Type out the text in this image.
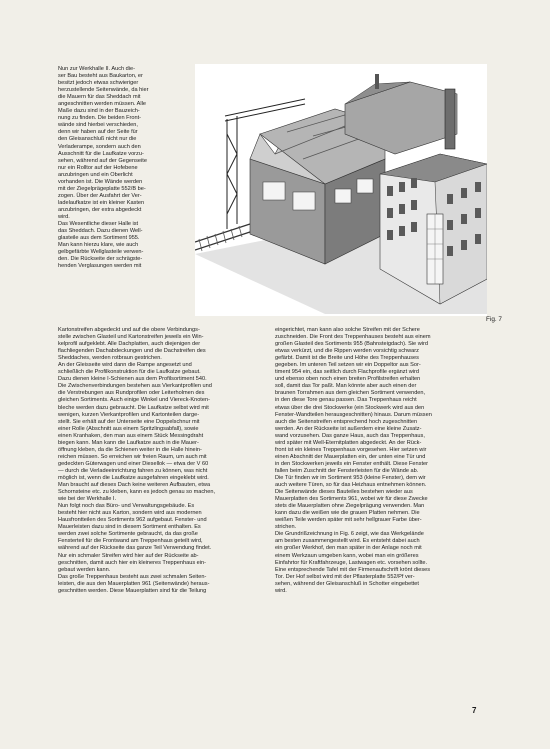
Nun zur Werkhalle II. Auch die-
ser Bau besteht aus Baukarton, er
besitzt jedoch etwas schwieriger
herzustellende Seitenwände, da hier
die Mauern für das Sheddach mit
angeschnitten werden müssen. Alle
Maße dazu sind in der Bauzeich-
nung zu finden. Die beiden Front-
wände sind hierbei verschieden,
denn wir haben auf der Seite für
den Gleisanschluß nicht nur die
Verladerampe, sondern auch den
Ausschnitt für die Laufkatze vorzu-
sehen, während auf der Gegenseite
nur ein Rolltor auf der Hofebene
anzubringen und ein Oberlicht
vorhanden ist. Die Wände werden
mit der Ziegelprägeplatte 552/B be-
zogen. Über der Ausfahrt der Ver-
ladelaufkatze ist ein kleiner Kasten
anzubringen, der extra abgedeckt
wird.
Das Wesentliche dieser Halle ist
das Sheddach. Dazu dienen Well-
glasteile aus dem Sortiment 955.
Man kann hierzu klare, wie auch
gelbgefärbte Wellglasteile verwen-
den. Die Rückseite der schrägste-
henden Verglasungen werden mit
Fig. 7
Kartonstreifen abgedeckt und auf die obere Verbindungs-
stelle zwischen Glasteil und Kartonstreifen jeweils ein Win-
kelprofil aufgeklebt. Alle Dachplatten, auch diejenigen der
flachliegenden Dachabdeckungen und die Dachstreifen des
Sheddaches, werden rotbraun gestrichen.
An der Gleisseite wird dann die Rampe angesetzt und
schließlich die Profilkonstruktion für die Laufkatze gebaut.
Dazu dienen kleine I-Schienen aus dem Profilsortiment 540.
Die Zwischenverbindungen bestehen aus Vierkantprofilen und
die Verstrebungen aus Rundprofilen oder Leiterholmen des
gleichen Sortiments. Auch einige Winkel und Viereck-Knoten-
bleche werden dazu gebraucht. Die Laufkatze selbst wird mit
wenigen, kurzen Vierkantprofilen und Kartonteilen darge-
stellt. Sie erhält auf der Unterseite eine Doppelschnur mit
einer Rolle (Abschnitt aus einem Spritzlingsabfall), sowie
einen Kranhaken, den man aus einem Stück Messingdraht
biegen kann. Man kann die Laufkatze auch in die Mauer-
öffnung kleben, da die Schienen weiter in die Halle hinein-
reichen müssen. So erreichen wir freien Raum, um auch mit
gedeckten Güterwagen und einer Diesellok — etwa der V 60
— durch die Verladeeinrichtung fahren zu können, was nicht
möglich ist, wenn die Laufkatze ausgefahren eingeklebt wird.
Man braucht auf dieses Dach keine weiteren Aufbauten, etwa
Schornsteine etc. zu kleben, kann es jedoch genau so machen,
wie bei der Werkhalle I.
Nun folgt noch das Büro- und Verwaltungsgebäude. Es
besteht hier nicht aus Karton, sondern wird aus modernen
Hausfrontteilen des Sortiments 962 aufgebaut. Fenster- und
Mauerleisten dazu sind in diesem Sortiment enthalten. Es
werden zwei solche Sortimente gebraucht, da das große
Fensterteil für die Frontwand am Treppenhaus geteilt wird,
während auf der Rückseite das ganze Teil Verwendung findet.
Nur ein schmaler Streifen wird hier auf der Rückseite ab-
geschnitten, damit auch hier ein kleineres Treppenhaus ein-
gebaut werden kann.
Das große Treppenhaus besteht aus zwei schmalen Seiten-
leisten, die aus den Mauerplatten 961 (Seitenwände) heraus-
geschnitten werden. Diese Mauerplatten sind für die Teilung
eingerichtet, man kann also solche Streifen mit der Schere
zuschneiden. Die Front des Treppenhauses besteht aus einem
großen Glasteil des Sortiments 955 (Bahnsteigdach). Sie wird
etwas verkürzt, und die Rippen werden vorsichtig schwarz
gefärbt. Damit ist die Breite und Höhe des Treppenhauses
gegeben. Im unteren Teil setzen wir ein Doppeltor aus Sor-
timent 954 ein, das seitlich durch Flachprofile ergänzt wird
und ebenso oben noch einen breiten Profilstreifen erhalten
soll, damit das Tor paßt. Man könnte aber auch einen der
braunen Torrahmen aus dem gleichen Sortiment verwenden,
in den diese Tore genau passen. Das Treppenhaus reicht
etwas über die drei Stockwerke (ein Stockwerk wird aus den
Fenster-Wandteilen herausgeschnitten) hinaus. Darum müssen
auch die Seitenstreifen entsprechend hoch zugeschnitten
werden. An der Rückseite ist außerdem eine kleine Zusatz-
wand vorzusehen. Das ganze Haus, auch das Treppenhaus,
wird später mit Well-Eternitplatten abgedeckt. An der Rück-
front ist ein kleines Treppenhaus vorgesehen. Hier setzen wir
einen Abschnitt der Mauerplatten ein, der unten eine Tür und
in den Stockwerken jeweils ein Fenster enthält. Diese Fenster
fallen beim Zuschnitt der Fensterleisten für die Wände ab.
Die Tür finden wir im Sortiment 953 (kleine Fenster), dem wir
auch weitere Türen, so für das Heizhaus entnehmen können.
Die Seitenwände dieses Bauteiles bestehen wieder aus
Mauerplatten des Sortiments 961, wobei wir für diese Zwecke
stets die Mauerplatten ohne Ziegelprägung verwenden. Man
kann dazu die weißen wie die grauen Platten nehmen. Die
weißen Teile werden später mit sehr hellgrauer Farbe über-
strichen.
Die Grundrißzeichnung in Fig. 6 zeigt, wie das Werkgelände
am besten zusammengestellt wird. Es entsteht dabei auch
ein großer Werkhof, den man später in der Anlage noch mit
einem Werkzaun umgeben kann, wobei man ein größeres
Einfahrtor für Kraftfahrzeuge, Lastwagen etc. vorsehen sollte.
Eine entsprechende Tafel mit der Firmenaufschrift krönt dieses
Tor. Der Hof selbst wird mit der Pflasterplatte 552/Pf ver-
sehen, während der Gleisanschluß in Schotter eingebettet
wird.
7
